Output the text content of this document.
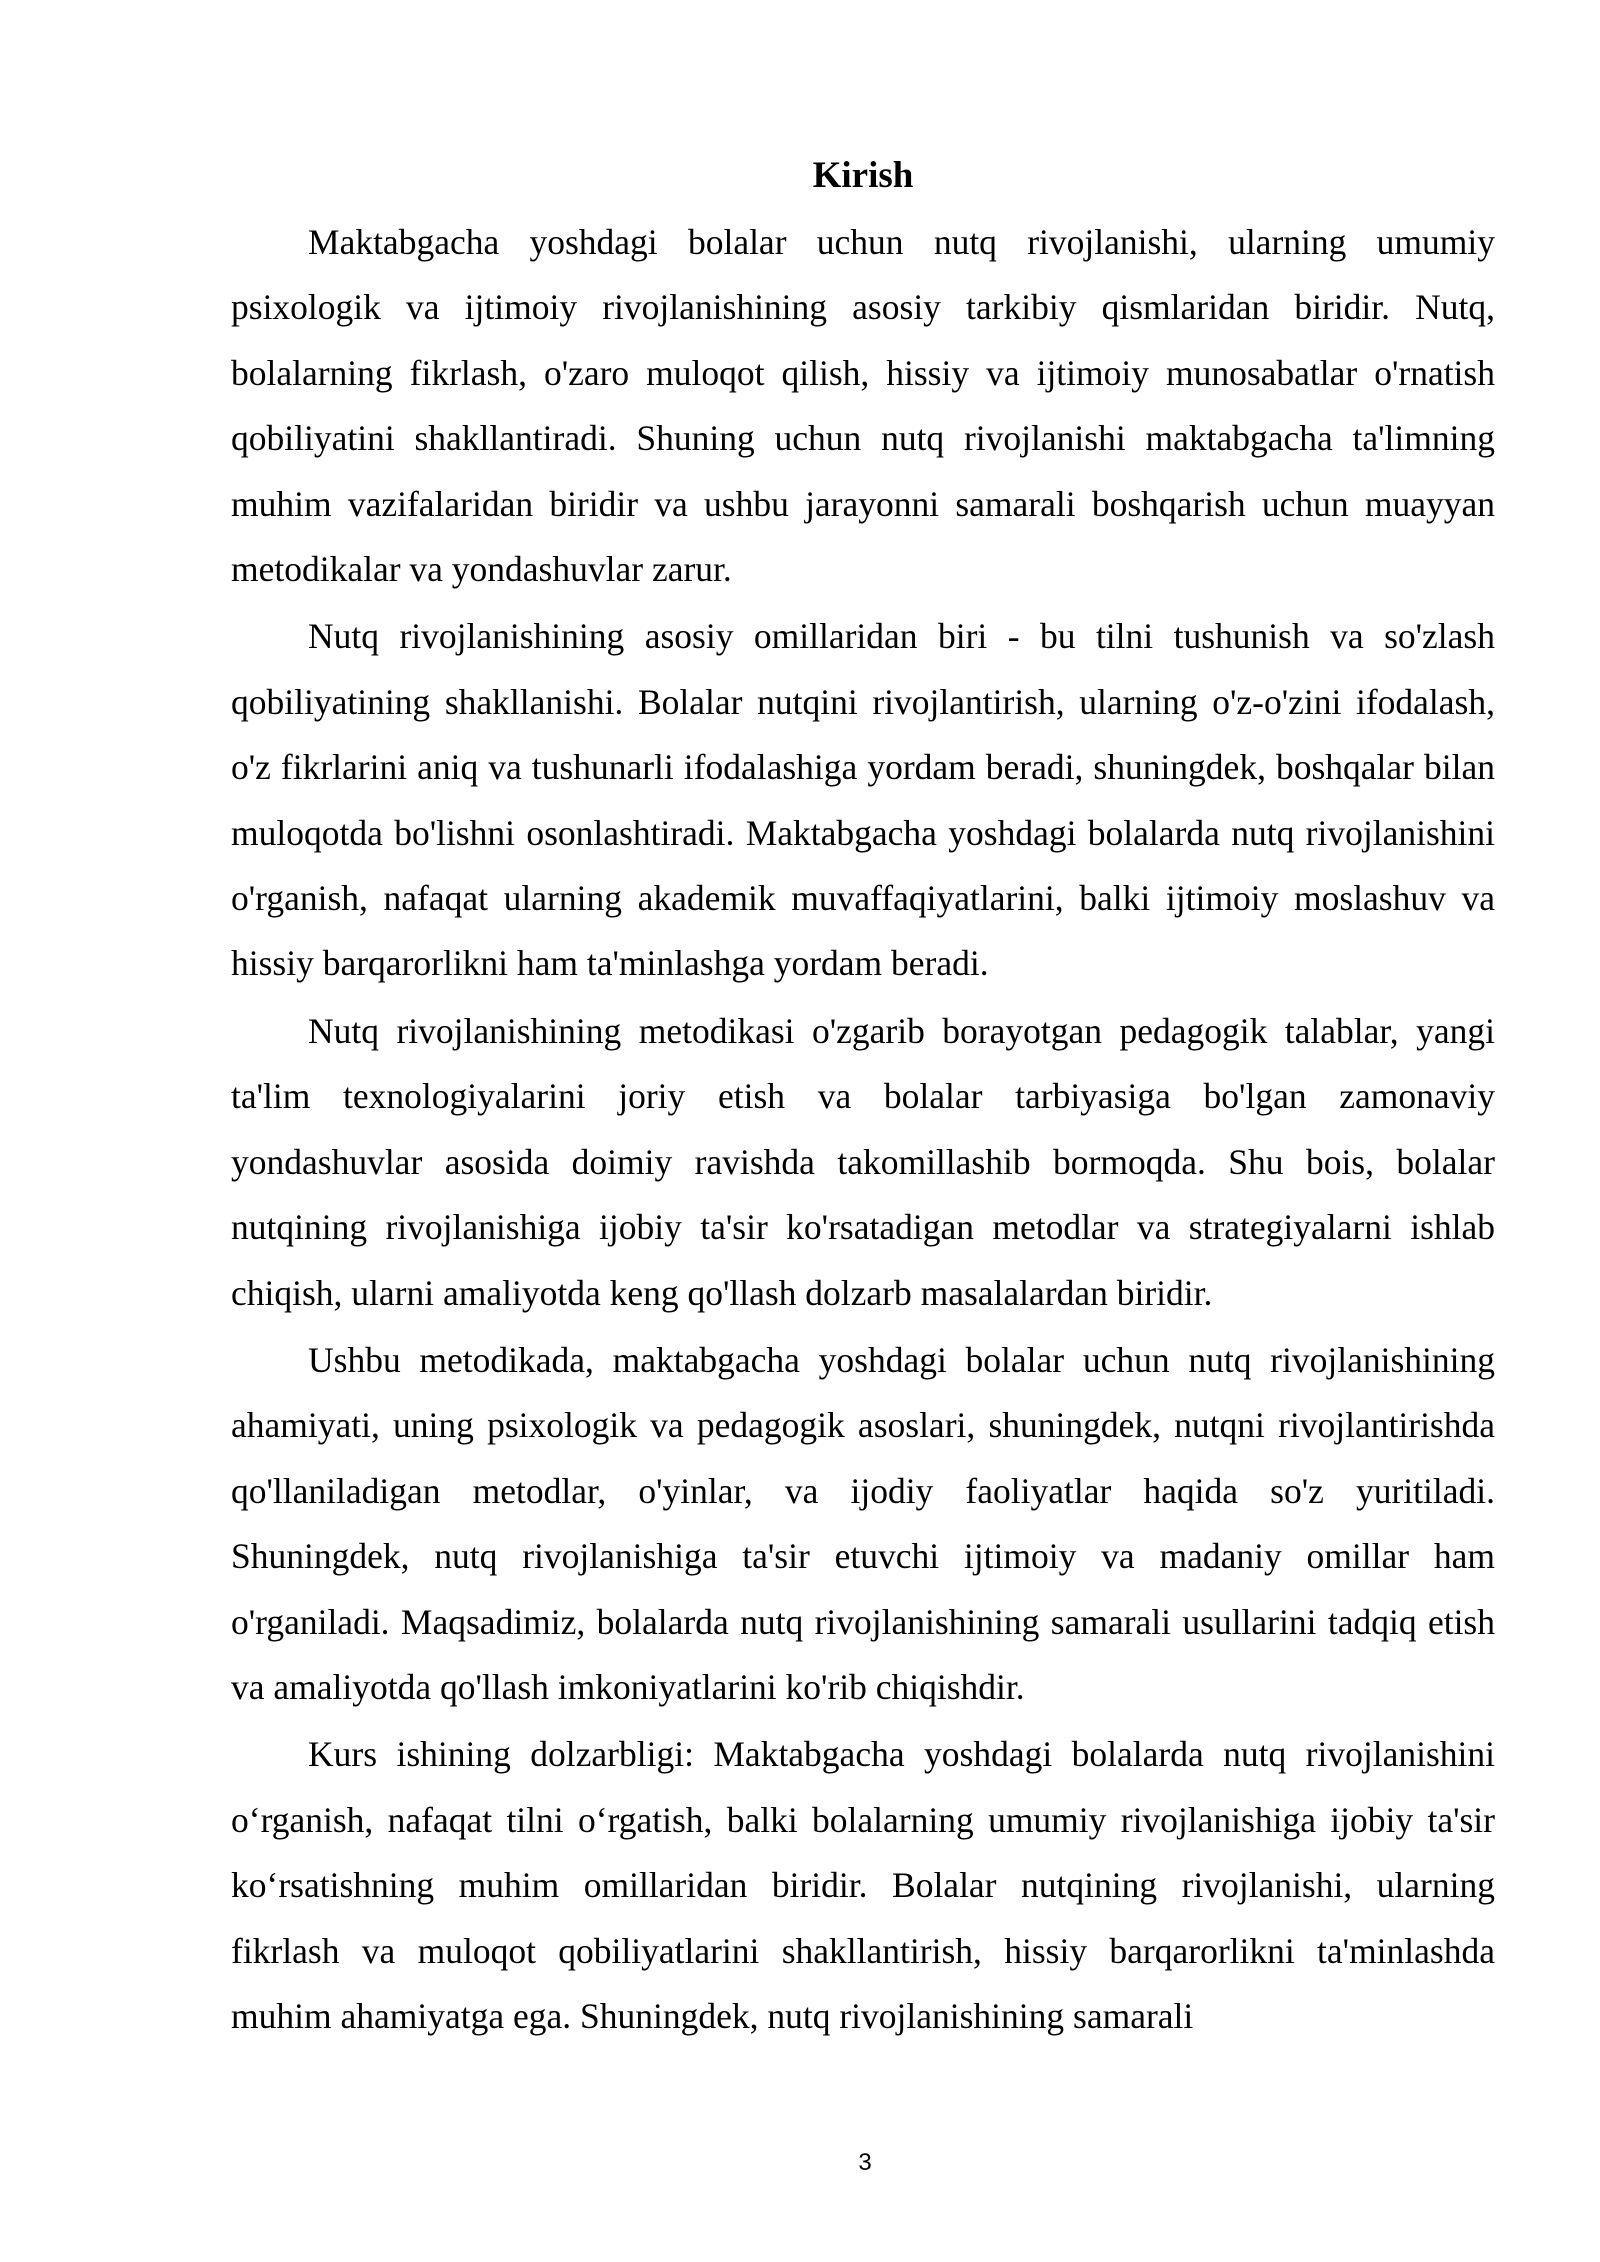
Kirish

Maktabgacha yoshdagi bolalar uchun nutq rivojlanishi, ularning umumiy psixologik va ijtimoiy rivojlanishining asosiy tarkibiy qismlaridan biridir. Nutq, bolalarning fikrlash, o'zaro muloqot qilish, hissiy va ijtimoiy munosabatlar o'rnatish qobiliyatini shakllantiradi. Shuning uchun nutq rivojlanishi maktabgacha ta'limning muhim vazifalaridan biridir va ushbu jarayonni samarali boshqarish uchun muayyan metodikalar va yondashuvlar zarur.

Nutq rivojlanishining asosiy omillaridan biri - bu tilni tushunish va so'zlash qobiliyatining shakllanishi. Bolalar nutqini rivojlantirish, ularning o'z-o'zini ifodalash, o'z fikrlarini aniq va tushunarli ifodalashiga yordam beradi, shuningdek, boshqalar bilan muloqotda bo'lishni osonlashtiradi. Maktabgacha yoshdagi bolalarda nutq rivojlanishini o'rganish, nafaqat ularning akademik muvaffaqiyatlarini, balki ijtimoiy moslashuv va hissiy barqarorlikni ham ta'minlashga yordam beradi.

Nutq rivojlanishining metodikasi o'zgarib borayotgan pedagogik talablar, yangi ta'lim texnologiyalarini joriy etish va bolalar tarbiyasiga bo'lgan zamonaviy yondashuvlar asosida doimiy ravishda takomillashib bormoqda. Shu bois, bolalar nutqining rivojlanishiga ijobiy ta'sir ko'rsatadigan metodlar va strategiyalarni ishlab chiqish, ularni amaliyotda keng qo'llash dolzarb masalalardan biridir.

Ushbu metodikada, maktabgacha yoshdagi bolalar uchun nutq rivojlanishining ahamiyati, uning psixologik va pedagogik asoslari, shuningdek, nutqni rivojlantirishda qo'llaniladigan metodlar, o'yinlar, va ijodiy faoliyatlar haqida so'z yuritiladi. Shuningdek, nutq rivojlanishiga ta'sir etuvchi ijtimoiy va madaniy omillar ham o'rganiladi. Maqsadimiz, bolalarda nutq rivojlanishining samarali usullarini tadqiq etish va amaliyotda qo'llash imkoniyatlarini ko'rib chiqishdir.

Kurs ishining dolzarbligi: Maktabgacha yoshdagi bolalarda nutq rivojlanishini o‘rganish, nafaqat tilni o‘rgatish, balki bolalarning umumiy rivojlanishiga ijobiy ta'sir ko‘rsatishning muhim omillaridan biridir. Bolalar nutqining rivojlanishi, ularning fikrlash va muloqot qobiliyatlarini shakllantirish, hissiy barqarorlikni ta'minlashda muhim ahamiyatga ega. Shuningdek, nutq rivojlanishining samarali

3
